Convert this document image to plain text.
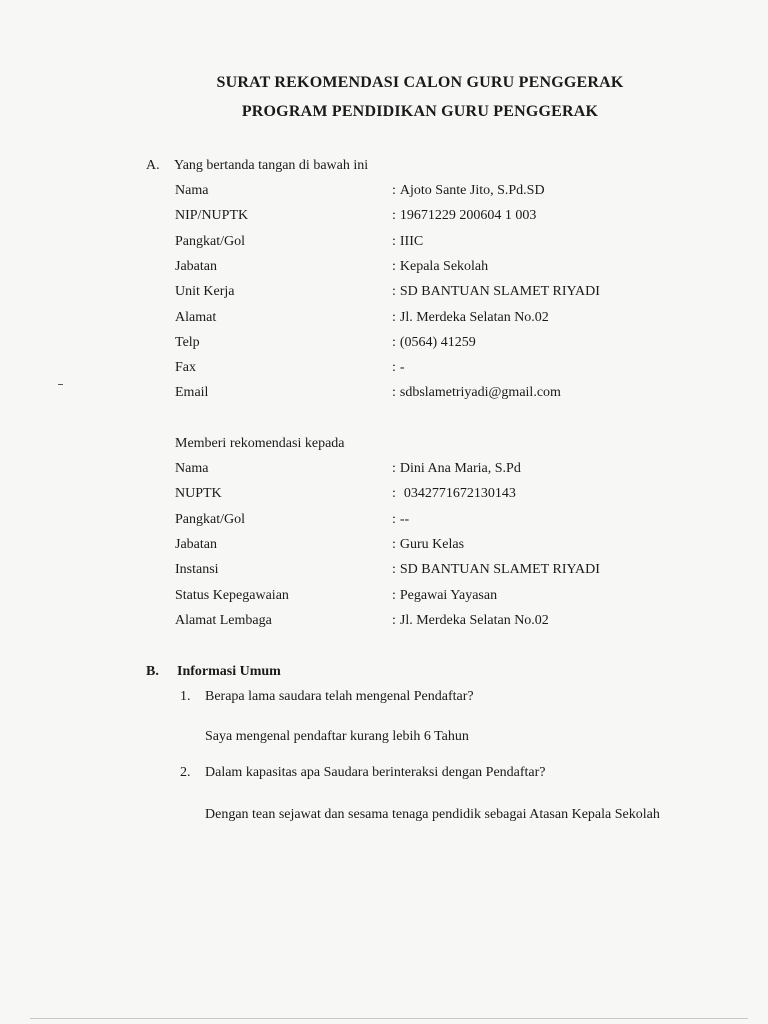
SURAT REKOMENDASI CALON GURU PENGGERAK
PROGRAM PENDIDIKAN GURU PENGGERAK
A. Yang bertanda tangan di bawah ini
Nama	: Ajoto Sante Jito, S.Pd.SD
NIP/NUPTK	: 19671229 200604 1 003
Pangkat/Gol	: IIIC
Jabatan	: Kepala Sekolah
Unit Kerja	: SD BANTUAN SLAMET RIYADI
Alamat	: Jl. Merdeka Selatan No.02
Telp	: (0564) 41259
Fax	: -
Email	: sdbslametriyadi@gmail.com
Memberi rekomendasi kepada
Nama	: Dini Ana Maria, S.Pd
NUPTK	: 0342771672130143
Pangkat/Gol	: --
Jabatan	: Guru Kelas
Instansi	: SD BANTUAN SLAMET RIYADI
Status Kepegawaian	: Pegawai Yayasan
Alamat Lembaga	: Jl. Merdeka Selatan No.02
B. Informasi Umum
1. Berapa lama saudara telah mengenal Pendaftar?
Saya mengenal pendaftar kurang lebih 6 Tahun
2. Dalam kapasitas apa Saudara berinteraksi dengan Pendaftar?
Dengan tean sejawat dan sesama tenaga pendidik sebagai Atasan Kepala Sekolah
